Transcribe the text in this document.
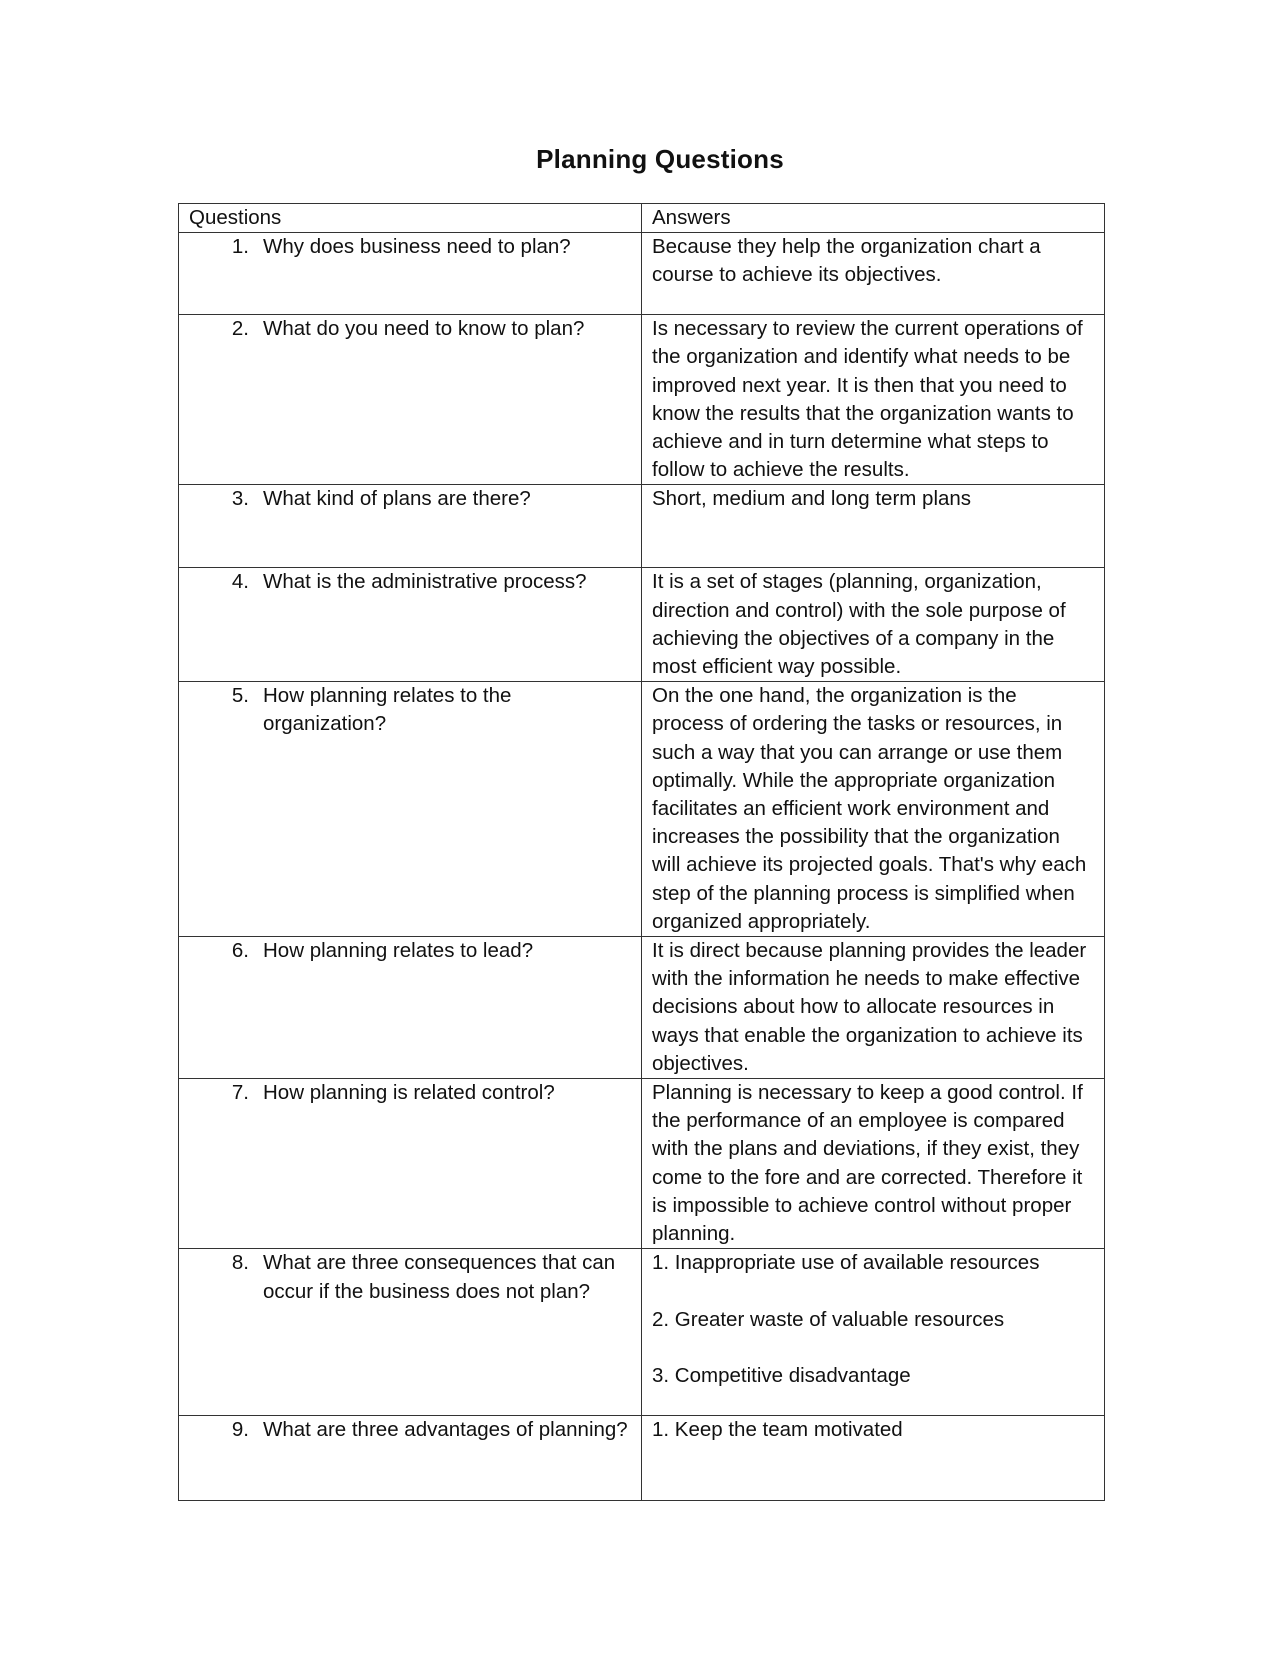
Planning Questions
Questions	Answers

1. Why does business need to plan?	Because they help the organization chart a course to achieve its objectives.

2. What do you need to know to plan?	Is necessary to review the current operations of the organization and identify what needs to be improved next year. It is then that you need to know the results that the organization wants to achieve and in turn determine what steps to follow to achieve the results.

3. What kind of plans are there?	Short, medium and long term plans

4. What is the administrative process?	It is a set of stages (planning, organization, direction and control) with the sole purpose of achieving the objectives of a company in the most efficient way possible.

5. How planning relates to the organization?	On the one hand, the organization is the process of ordering the tasks or resources, in such a way that you can arrange or use them optimally. While the appropriate organization facilitates an efficient work environment and increases the possibility that the organization will achieve its projected goals. That's why each step of the planning process is simplified when organized appropriately.

6. How planning relates to lead?	It is direct because planning provides the leader with the information he needs to make effective decisions about how to allocate resources in ways that enable the organization to achieve its objectives.

7. How planning is related control?	Planning is necessary to keep a good control. If the performance of an employee is compared with the plans and deviations, if they exist, they come to the fore and are corrected. Therefore it is impossible to achieve control without proper planning.

8. What are three consequences that can occur if the business does not plan?	1. Inappropriate use of available resources
2. Greater waste of valuable resources
3. Competitive disadvantage

9. What are three advantages of planning?	1. Keep the team motivated
